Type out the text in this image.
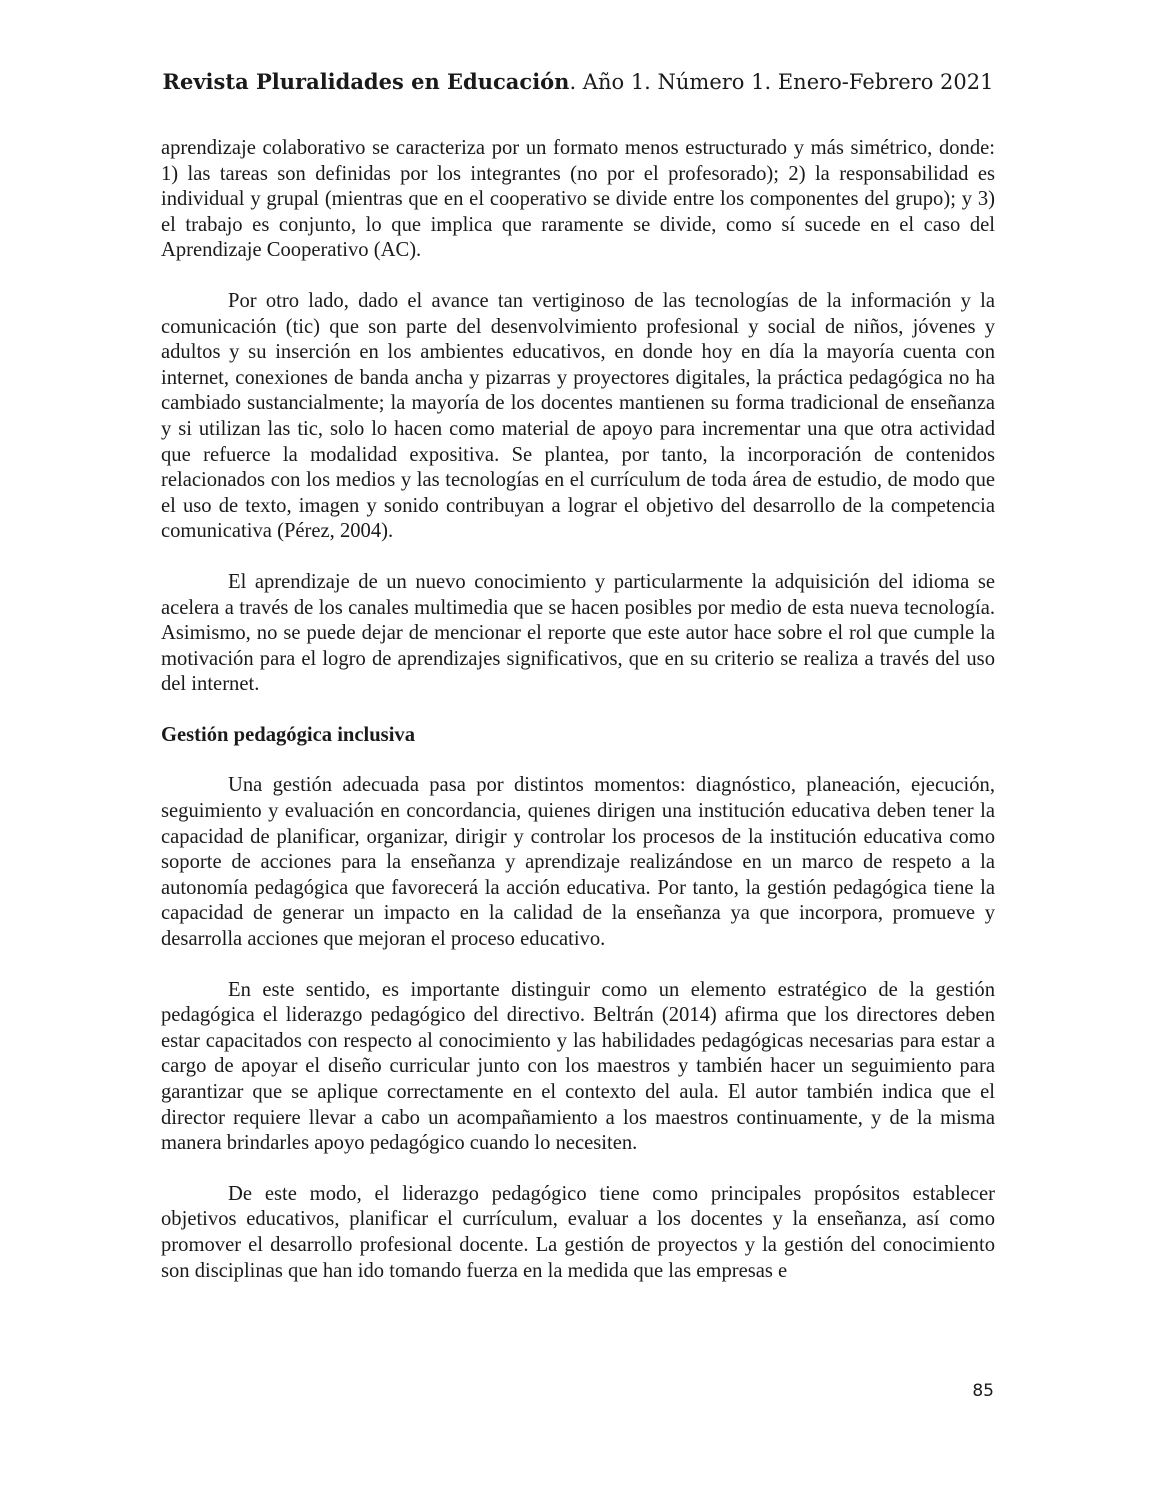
Revista Pluralidades en Educación. Año 1. Número 1. Enero-Febrero 2021

aprendizaje colaborativo se caracteriza por un formato menos estructurado y más simétrico, donde: 1) las tareas son definidas por los integrantes (no por el profesorado); 2) la responsabilidad es individual y grupal (mientras que en el cooperativo se divide entre los componentes del grupo); y 3) el trabajo es conjunto, lo que implica que raramente se divide, como sí sucede en el caso del Aprendizaje Cooperativo (AC).

Por otro lado, dado el avance tan vertiginoso de las tecnologías de la información y la comunicación (tic) que son parte del desenvolvimiento profesional y social de niños, jóvenes y adultos y su inserción en los ambientes educativos, en donde hoy en día la mayoría cuenta con internet, conexiones de banda ancha y pizarras y proyectores digitales, la práctica pedagógica no ha cambiado sustancialmente; la mayoría de los docentes mantienen su forma tradicional de enseñanza y si utilizan las tic, solo lo hacen como material de apoyo para incrementar una que otra actividad que refuerce la modalidad expositiva. Se plantea, por tanto, la incorporación de contenidos relacionados con los medios y las tecnologías en el currículum de toda área de estudio, de modo que el uso de texto, imagen y sonido contribuyan a lograr el objetivo del desarrollo de la competencia comunicativa (Pérez, 2004).

El aprendizaje de un nuevo conocimiento y particularmente la adquisición del idioma se acelera a través de los canales multimedia que se hacen posibles por medio de esta nueva tecnología. Asimismo, no se puede dejar de mencionar el reporte que este autor hace sobre el rol que cumple la motivación para el logro de aprendizajes significativos, que en su criterio se realiza a través del uso del internet.

Gestión pedagógica inclusiva

Una gestión adecuada pasa por distintos momentos: diagnóstico, planeación, ejecución, seguimiento y evaluación en concordancia, quienes dirigen una institución educativa deben tener la capacidad de planificar, organizar, dirigir y controlar los procesos de la institución educativa como soporte de acciones para la enseñanza y aprendizaje realizándose en un marco de respeto a la autonomía pedagógica que favorecerá la acción educativa. Por tanto, la gestión pedagógica tiene la capacidad de generar un impacto en la calidad de la enseñanza ya que incorpora, promueve y desarrolla acciones que mejoran el proceso educativo.

En este sentido, es importante distinguir como un elemento estratégico de la gestión pedagógica el liderazgo pedagógico del directivo. Beltrán (2014) afirma que los directores deben estar capacitados con respecto al conocimiento y las habilidades pedagógicas necesarias para estar a cargo de apoyar el diseño curricular junto con los maestros y también hacer un seguimiento para garantizar que se aplique correctamente en el contexto del aula. El autor también indica que el director requiere llevar a cabo un acompañamiento a los maestros continuamente, y de la misma manera brindarles apoyo pedagógico cuando lo necesiten.

De este modo, el liderazgo pedagógico tiene como principales propósitos establecer objetivos educativos, planificar el currículum, evaluar a los docentes y la enseñanza, así como promover el desarrollo profesional docente. La gestión de proyectos y la gestión del conocimiento son disciplinas que han ido tomando fuerza en la medida que las empresas e

85
